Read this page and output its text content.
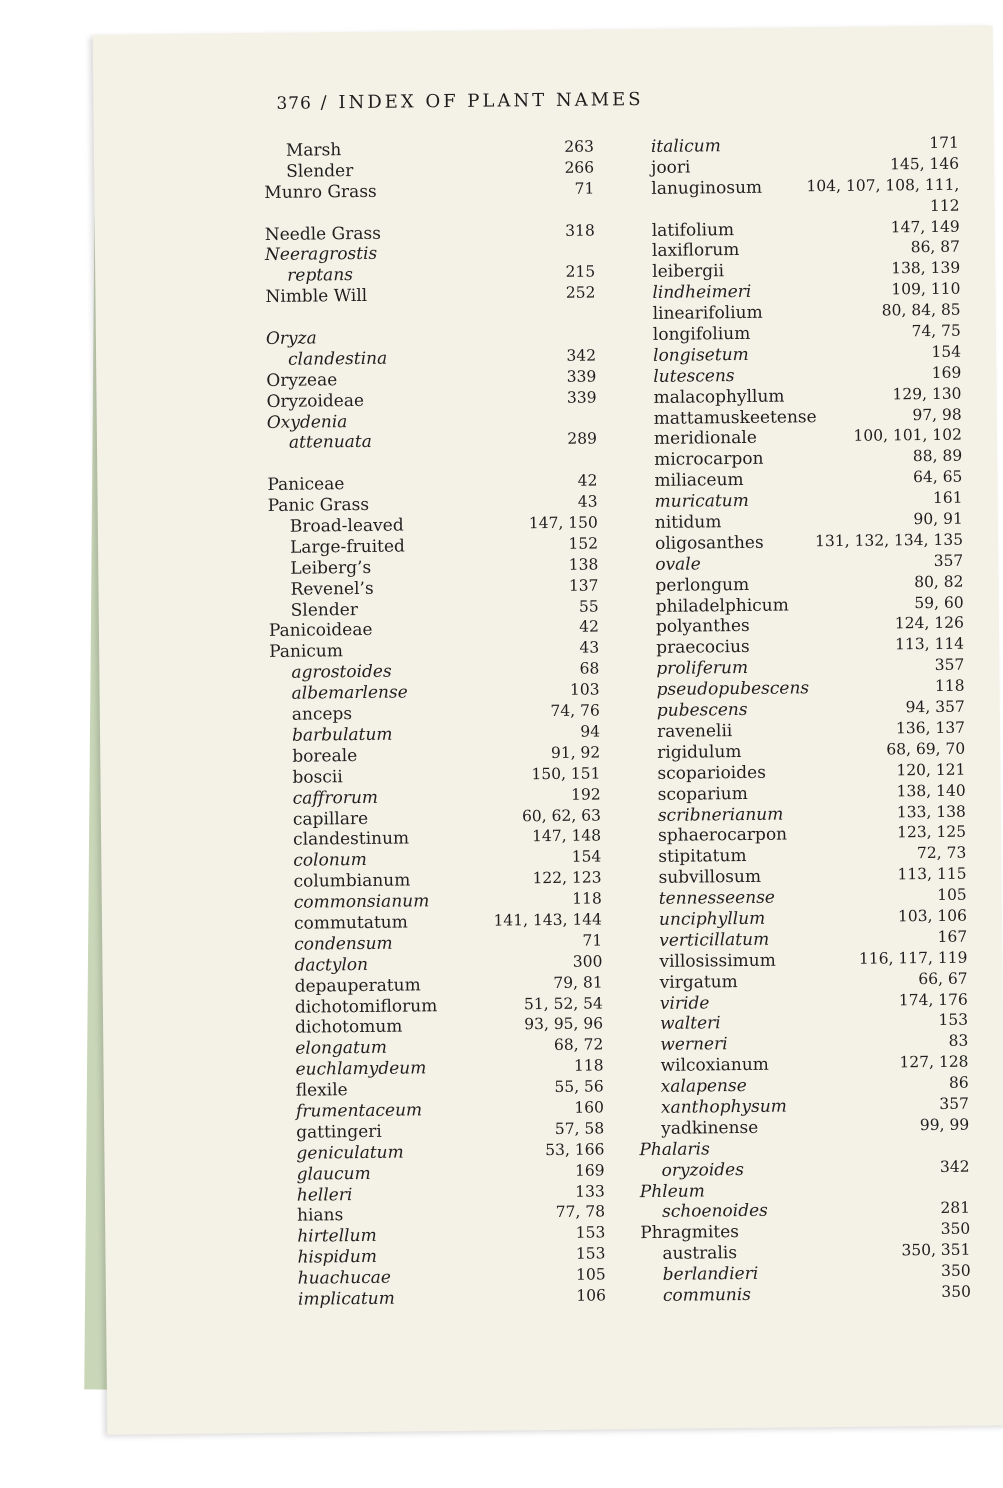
376 / INDEX OF PLANT NAMES
Marsh	263
Slender	266
Munro Grass	71
Needle Grass	318
Neeragrostis
reptans	215
Nimble Will	252
Oryza
clandestina	342
Oryzeae	339
Oryzoideae	339
Oxydenia
attenuata	289
Paniceae	42
Panic Grass	43
Broad-leaved	147, 150
Large-fruited	152
Leiberg’s	138
Revenel’s	137
Slender	55
Panicoideae	42
Panicum	43
agrostoides	68
albemarlense	103
anceps	74, 76
barbulatum	94
boreale	91, 92
boscii	150, 151
caffrorum	192
capillare	60, 62, 63
clandestinum	147, 148
colonum	154
columbianum	122, 123
commonsianum	118
commutatum	141, 143, 144
condensum	71
dactylon	300
depauperatum	79, 81
dichotomiflorum	51, 52, 54
dichotomum	93, 95, 96
elongatum	68, 72
euchlamydeum	118
flexile	55, 56
frumentaceum	160
gattingeri	57, 58
geniculatum	53, 166
glaucum	169
helleri	133
hians	77, 78
hirtellum	153
hispidum	153
huachucae	105
implicatum	106
italicum	171
joori	145, 146
lanuginosum	104, 107, 108, 111,
112
latifolium	147, 149
laxiflorum	86, 87
leibergii	138, 139
lindheimeri	109, 110
linearifolium	80, 84, 85
longifolium	74, 75
longisetum	154
lutescens	169
malacophyllum	129, 130
mattamuskeetense	97, 98
meridionale	100, 101, 102
microcarpon	88, 89
miliaceum	64, 65
muricatum	161
nitidum	90, 91
oligosanthes	131, 132, 134, 135
ovale	357
perlongum	80, 82
philadelphicum	59, 60
polyanthes	124, 126
praecocius	113, 114
proliferum	357
pseudopubescens	118
pubescens	94, 357
ravenelii	136, 137
rigidulum	68, 69, 70
scoparioides	120, 121
scoparium	138, 140
scribnerianum	133, 138
sphaerocarpon	123, 125
stipitatum	72, 73
subvillosum	113, 115
tennesseense	105
unciphyllum	103, 106
verticillatum	167
villosissimum	116, 117, 119
virgatum	66, 67
viride	174, 176
walteri	153
werneri	83
wilcoxianum	127, 128
xalapense	86
xanthophysum	357
yadkinense	99, 99
Phalaris
oryzoides	342
Phleum
schoenoides	281
Phragmites	350
australis	350, 351
berlandieri	350
communis	350
